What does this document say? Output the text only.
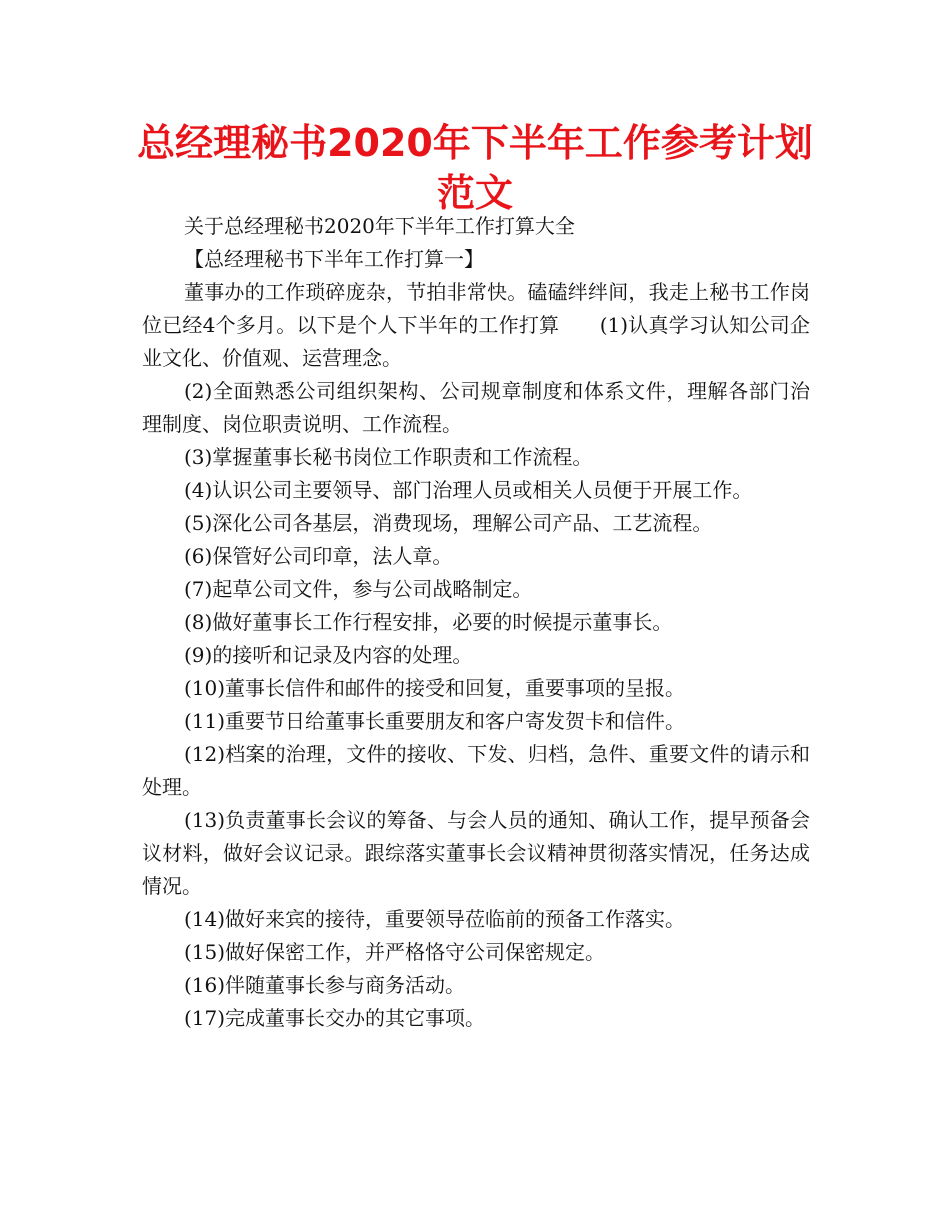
总经理秘书2020年下半年工作参考计划范文

关于总经理秘书2020年下半年工作打算大全

【总经理秘书下半年工作打算一】

董事办的工作琐碎庞杂，节拍非常快。磕磕绊绊间，我走上秘书工作岗位已经4个多月。以下是个人下半年的工作打算　　(1)认真学习认知公司企业文化、价值观、运营理念。

(2)全面熟悉公司组织架构、公司规章制度和体系文件，理解各部门治理制度、岗位职责说明、工作流程。

(3)掌握董事长秘书岗位工作职责和工作流程。

(4)认识公司主要领导、部门治理人员或相关人员便于开展工作。

(5)深化公司各基层，消费现场，理解公司产品、工艺流程。

(6)保管好公司印章，法人章。

(7)起草公司文件，参与公司战略制定。

(8)做好董事长工作行程安排，必要的时候提示董事长。

(9)的接听和记录及内容的处理。

(10)董事长信件和邮件的接受和回复，重要事项的呈报。

(11)重要节日给董事长重要朋友和客户寄发贺卡和信件。

(12)档案的治理，文件的接收、下发、归档，急件、重要文件的请示和处理。

(13)负责董事长会议的筹备、与会人员的通知、确认工作，提早预备会议材料，做好会议记录。跟综落实董事长会议精神贯彻落实情况，任务达成情况。

(14)做好来宾的接待，重要领导莅临前的预备工作落实。

(15)做好保密工作，并严格恪守公司保密规定。

(16)伴随董事长参与商务活动。

(17)完成董事长交办的其它事项。
